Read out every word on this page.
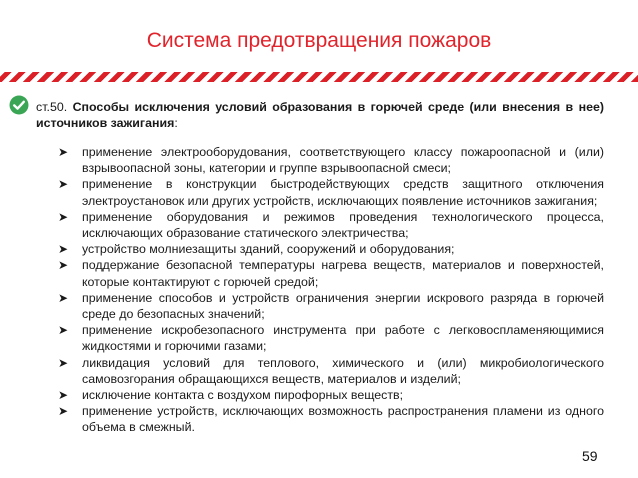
Система предотвращения пожаров
ст.50. Способы исключения условий образования в горючей среде (или внесения в нее) источников зажигания:
➤ применение электрооборудования, соответствующего классу пожароопасной и (или) взрывоопасной зоны, категории и группе взрывоопасной смеси;
➤ применение в конструкции быстродействующих средств защитного отключения электроустановок или других устройств, исключающих появление источников зажигания;
➤ применение оборудования и режимов проведения технологического процесса, исключающих образование статического электричества;
➤ устройство молниезащиты зданий, сооружений и оборудования;
➤ поддержание безопасной температуры нагрева веществ, материалов и поверхностей, которые контактируют с горючей средой;
➤ применение способов и устройств ограничения энергии искрового разряда в горючей среде до безопасных значений;
➤ применение искробезопасного инструмента при работе с легковоспламеняющимися жидкостями и горючими газами;
➤ ликвидация условий для теплового, химического и (или) микробиологического самовозгорания обращающихся веществ, материалов и изделий;
➤ исключение контакта с воздухом пирофорных веществ;
➤ применение устройств, исключающих возможность распространения пламени из одного объема в смежный.
59
